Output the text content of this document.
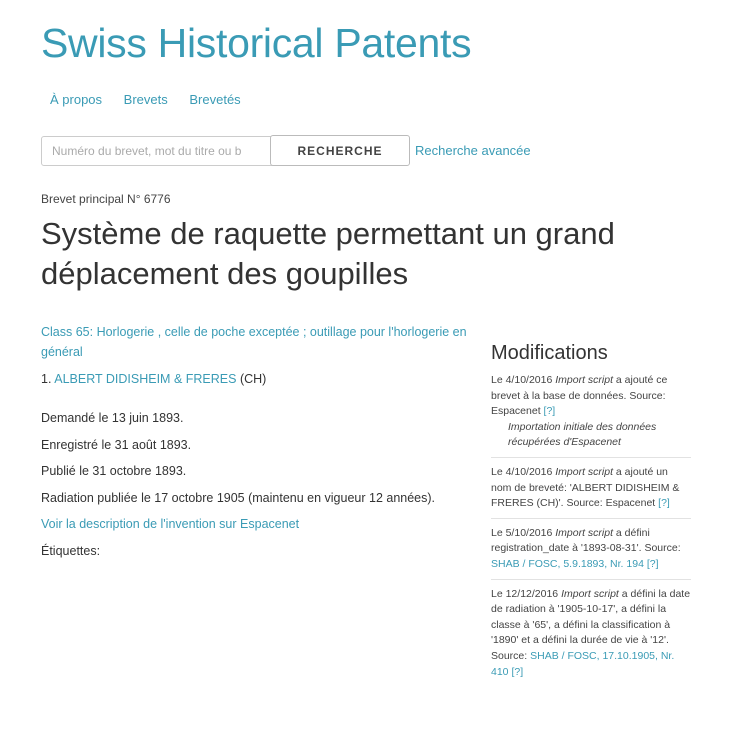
Swiss Historical Patents
À propos Brevets Brevetés
Numéro du brevet, mot du titre ou b
RECHERCHE	Recherche avancée
Brevet principal N° 6776
Système de raquette permettant un grand déplacement des goupilles
Class 65: Horlogerie , celle de poche exceptée ; outillage pour l'horlogerie en général
1. ALBERT DIDISHEIM & FRERES (CH)
Demandé le 13 juin 1893.
Enregistré le 31 août 1893.
Publié le 31 octobre 1893.
Radiation publiée le 17 octobre 1905 (maintenu en vigueur 12 années).
Voir la description de l'invention sur Espacenet
Étiquettes:
Modifications
Le 4/10/2016 Import script a ajouté ce brevet à la base de données. Source: Espacenet [?]
Importation initiale des données récupérées d'Espacenet
Le 4/10/2016 Import script a ajouté un nom de breveté: 'ALBERT DIDISHEIM & FRERES (CH)'. Source: Espacenet [?]
Le 5/10/2016 Import script a défini registration_date à '1893-08-31'. Source: SHAB / FOSC, 5.9.1893, Nr. 194 [?]
Le 12/12/2016 Import script a défini la date de radiation à '1905-10-17', a défini la classe à '65', a défini la classification à '1890' et a défini la durée de vie à '12'. Source: SHAB / FOSC, 17.10.1905, Nr. 410 [?]
